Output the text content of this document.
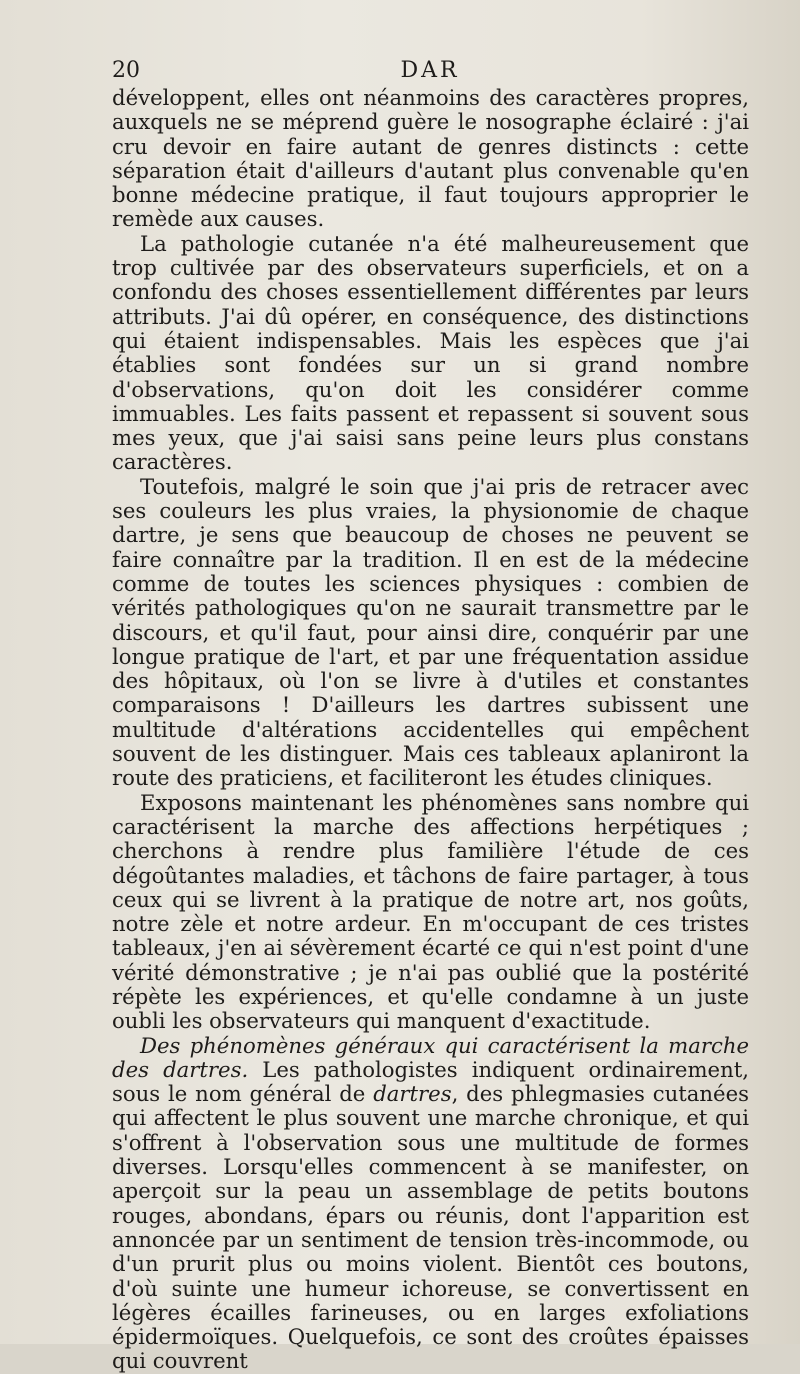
20	DAR

développent, elles ont néanmoins des caractères propres, auxquels ne se méprend guère le nosographe éclairé : j'ai cru devoir en faire autant de genres distincts : cette séparation était d'ailleurs d'autant plus convenable qu'en bonne médecine pratique, il faut toujours approprier le remède aux causes.

La pathologie cutanée n'a été malheureusement que trop cultivée par des observateurs superficiels, et on a confondu des choses essentiellement différentes par leurs attributs. J'ai dû opérer, en conséquence, des distinctions qui étaient indispensables. Mais les espèces que j'ai établies sont fondées sur un si grand nombre d'observations, qu'on doit les considérer comme immuables. Les faits passent et repassent si souvent sous mes yeux, que j'ai saisi sans peine leurs plus constans caractères.

Toutefois, malgré le soin que j'ai pris de retracer avec ses couleurs les plus vraies, la physionomie de chaque dartre, je sens que beaucoup de choses ne peuvent se faire connaître par la tradition. Il en est de la médecine comme de toutes les sciences physiques : combien de vérités pathologiques qu'on ne saurait transmettre par le discours, et qu'il faut, pour ainsi dire, conquérir par une longue pratique de l'art, et par une fréquentation assidue des hôpitaux, où l'on se livre à d'utiles et constantes comparaisons ! D'ailleurs les dartres subissent une multitude d'altérations accidentelles qui empêchent souvent de les distinguer. Mais ces tableaux aplaniront la route des praticiens, et faciliteront les études cliniques.

Exposons maintenant les phénomènes sans nombre qui caractérisent la marche des affections herpétiques ; cherchons à rendre plus familière l'étude de ces dégoûtantes maladies, et tâchons de faire partager, à tous ceux qui se livrent à la pratique de notre art, nos goûts, notre zèle et notre ardeur. En m'occupant de ces tristes tableaux, j'en ai sévèrement écarté ce qui n'est point d'une vérité démonstrative ; je n'ai pas oublié que la postérité répète les expériences, et qu'elle condamne à un juste oubli les observateurs qui manquent d'exactitude.

Des phénomènes généraux qui caractérisent la marche des dartres. Les pathologistes indiquent ordinairement, sous le nom général de dartres, des phlegmasies cutanées qui affectent le plus souvent une marche chronique, et qui s'offrent à l'observation sous une multitude de formes diverses. Lorsqu'elles commencent à se manifester, on aperçoit sur la peau un assemblage de petits boutons rouges, abondans, épars ou réunis, dont l'apparition est annoncée par un sentiment de tension très-incommode, ou d'un prurit plus ou moins violent. Bientôt ces boutons, d'où suinte une humeur ichoreuse, se convertissent en légères écailles farineuses, ou en larges exfoliations épidermoïques. Quelquefois, ce sont des croûtes épaisses qui couvrent
